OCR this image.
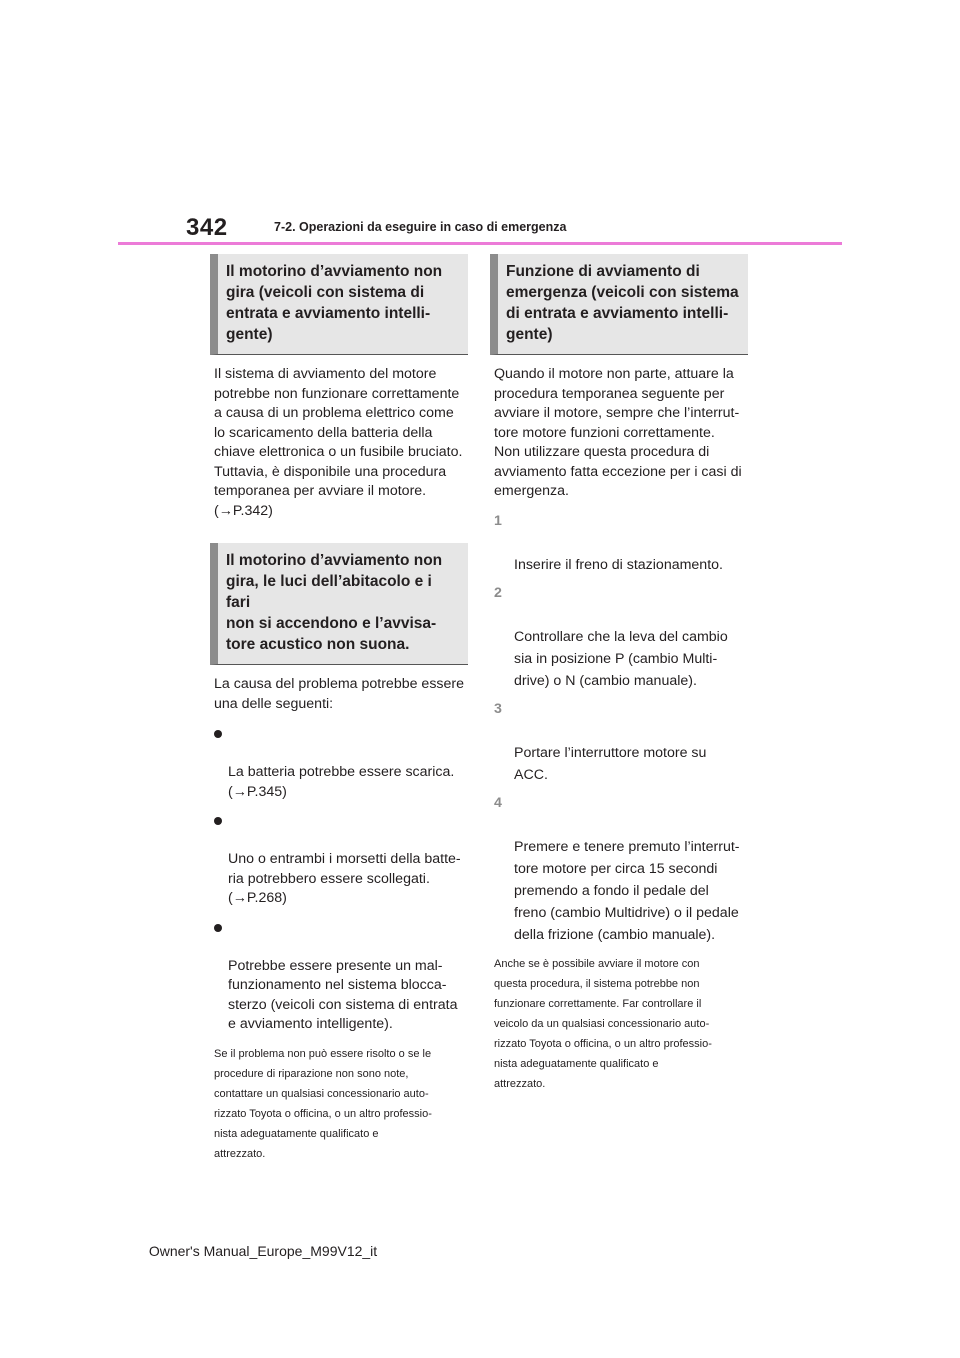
342	7-2. Operazioni da eseguire in caso di emergenza
Il motorino d’avviamento non
gira (veicoli con sistema di
entrata e avviamento intelli-
gente)

Il sistema di avviamento del motore
potrebbe non funzionare correttamente
a causa di un problema elettrico come
lo scaricamento della batteria della
chiave elettronica o un fusibile bruciato.
Tuttavia, è disponibile una procedura
temporanea per avviare il motore.
(→P.342)

Il motorino d’avviamento non
gira, le luci dell’abitacolo e i fari
non si accendono e l’avvisa-
tore acustico non suona.

La causa del problema potrebbe essere
una delle seguenti:

La batteria potrebbe essere scarica.
(→P.345)

Uno o entrambi i morsetti della batte-
ria potrebbero essere scollegati.
(→P.268)

Potrebbe essere presente un mal-
funzionamento nel sistema blocca-
sterzo (veicoli con sistema di entrata
e avviamento intelligente).

Se il problema non può essere risolto o se le
procedure di riparazione non sono note,
contattare un qualsiasi concessionario auto-
rizzato Toyota o officina, o un altro professio-
nista adeguatamente qualificato e
attrezzato.

Funzione di avviamento di
emergenza (veicoli con sistema
di entrata e avviamento intelli-
gente)

Quando il motore non parte, attuare la
procedura temporanea seguente per
avviare il motore, sempre che l’interrut-
tore motore funzioni correttamente.
Non utilizzare questa procedura di
avviamento fatta eccezione per i casi di
emergenza.

1

Inserire il freno di stazionamento.

2

Controllare che la leva del cambio
sia in posizione P (cambio Multi-
drive) o N (cambio manuale).

3

Portare l’interruttore motore su
ACC.

4

Premere e tenere premuto l’interrut-
tore motore per circa 15 secondi
premendo a fondo il pedale del
freno (cambio Multidrive) o il pedale
della frizione (cambio manuale).

Anche se è possibile avviare il motore con
questa procedura, il sistema potrebbe non
funzionare correttamente. Far controllare il
veicolo da un qualsiasi concessionario auto-
rizzato Toyota o officina, o un altro professio-
nista adeguatamente qualificato e
attrezzato.

Owner's Manual_Europe_M99V12_it
